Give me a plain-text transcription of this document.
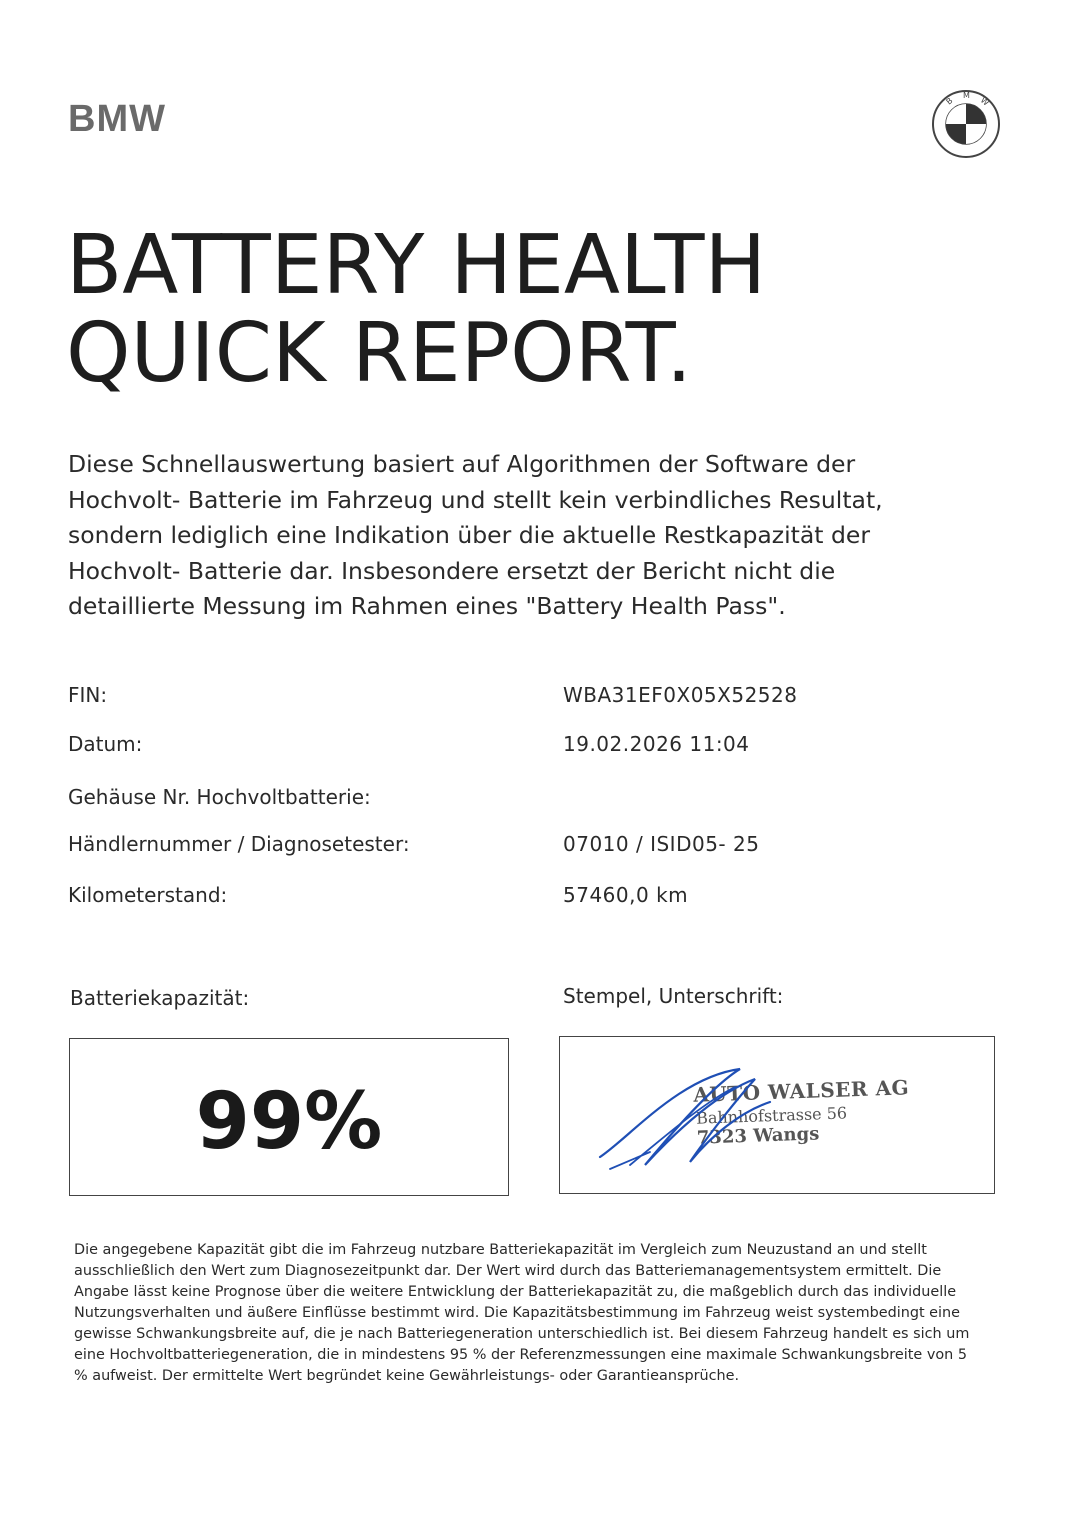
BMW	B
M
W
BATTERY HEALTH
QUICK REPORT.

Diese Schnellauswertung basiert auf Algorithmen der Software der Hochvolt- Batterie im Fahrzeug und stellt kein verbindliches Resultat, sondern lediglich eine Indikation über die aktuelle Restkapazität der Hochvolt- Batterie dar. Insbesondere ersetzt der Bericht nicht die detaillierte Messung im Rahmen eines "Battery Health Pass".

FIN:	WBA31EF0X05X52528
Datum:	19.02.2026 11:04
Gehäuse Nr. Hochvoltbatterie:
Händlernummer / Diagnosetester:	07010 / ISID05- 25
Kilometerstand:	57460,0 km
Batteriekapazität:
99%
Stempel, Unterschrift:
AUTO WALSER AG
Bahnhofstrasse 56
7323 Wangs

Die angegebene Kapazität gibt die im Fahrzeug nutzbare Batteriekapazität im Vergleich zum Neuzustand an und stellt ausschließlich den Wert zum Diagnosezeitpunkt dar. Der Wert wird durch das Batteriemanagementsystem ermittelt. Die Angabe lässt keine Prognose über die weitere Entwicklung der Batteriekapazität zu, die maßgeblich durch das individuelle Nutzungsverhalten und äußere Einflüsse bestimmt wird. Die Kapazitätsbestimmung im Fahrzeug weist systembedingt eine gewisse Schwankungsbreite auf, die je nach Batteriegeneration unterschiedlich ist. Bei diesem Fahrzeug handelt es sich um eine Hochvoltbatteriegeneration, die in mindestens 95 % der Referenzmessungen eine maximale Schwankungsbreite von 5 % aufweist. Der ermittelte Wert begründet keine Gewährleistungs- oder Garantieansprüche.
